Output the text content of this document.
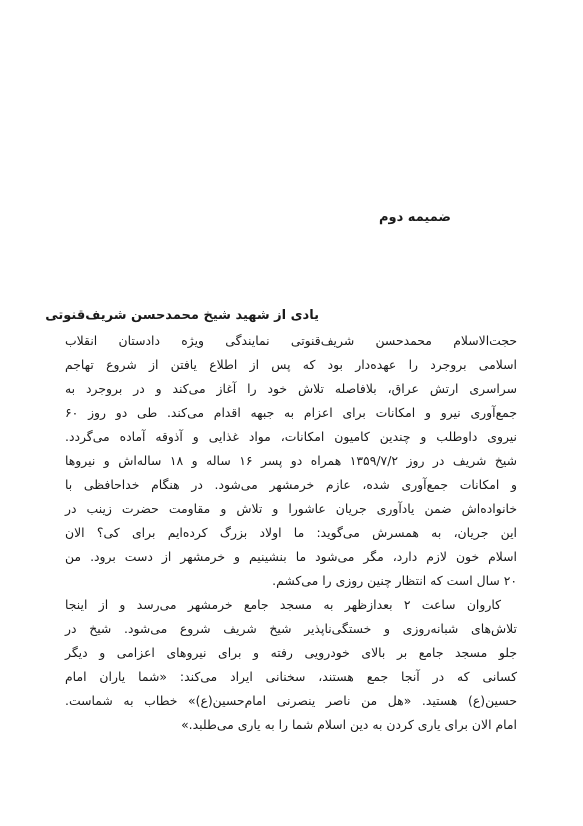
ضمیمه دوم
یادی از شهید شیخ محمدحسن شریف‌قنوتی

حجت‌الاسلام محمدحسن شریف‌قنوتی نمایندگی ویژه دادستان انقلاب
اسلامی بروجرد را عهده‌دار بود که پس از اطلاع یافتن از شروع تهاجم
سراسری ارتش عراق، بلافاصله تلاش خود را آغاز می‌کند و در بروجرد به
جمع‌آوری نیرو و امکانات برای اعزام به جبهه اقدام می‌کند. طی دو روز ۶۰
نیروی داوطلب و چندین کامیون امکانات، مواد غذایی و آذوقه آماده می‌گردد.
شیخ شریف در روز ۱۳۵۹/۷/۲ همراه دو پسر ۱۶ ساله و ۱۸ ساله‌اش و نیروها
و امکانات جمع‌آوری شده، عازم خرمشهر می‌شود. در هنگام خداحافظی با
خانواده‌اش ضمن یادآوری جریان عاشورا و تلاش و مقاومت حضرت زینب در
این جریان، به همسرش می‌گوید: ما اولاد بزرگ کرده‌ایم برای کی؟ الان
اسلام خون لازم دارد، مگر می‌شود ما بنشینیم و خرمشهر از دست برود. من
۲۰ سال است که انتظار چنین روزی را می‌کشم.

کاروان ساعت ۲ بعدازظهر به مسجد جامع خرمشهر می‌رسد و از اینجا
تلاش‌های شبانه‌روزی و خستگی‌ناپذیر شیخ شریف شروع می‌شود. شیخ در
جلو مسجد جامع بر بالای خودرویی رفته و برای نیروهای اعزامی و دیگر
کسانی که در آنجا جمع هستند، سخنانی ایراد می‌کند: «شما یاران امام
حسین(ع) هستید. «هل من ناصر ینصرنی امام‌حسین(ع)» خطاب به شماست.
امام الان برای یاری کردن به دین اسلام شما را به یاری می‌طلبد.»
